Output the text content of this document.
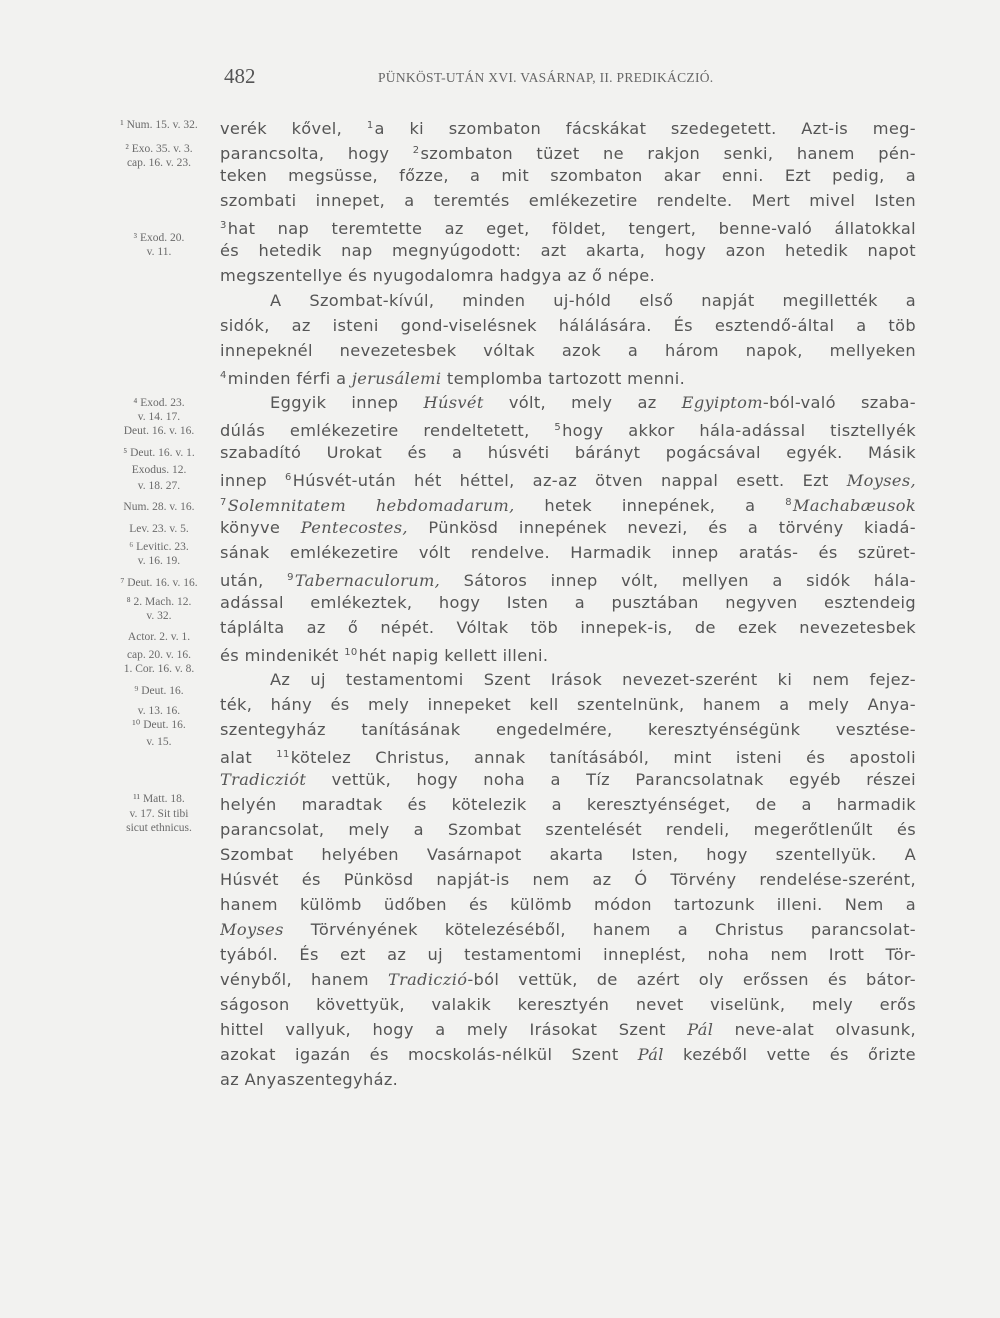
482	PÜNKÖST-UTÁN XVI. VASÁRNAP, II. PREDIKÁCZIÓ.
¹ Num. 15. v. 32.
² Exo. 35. v. 3.
cap. 16. v. 23.
³ Exod. 20.
v. 11.
⁴ Exod. 23.
v. 14. 17.
Deut. 16. v. 16.
⁵ Deut. 16. v. 1.
Exodus. 12.
v. 18. 27.
Num. 28. v. 16.
Lev. 23. v. 5.
⁶ Levitic. 23.
v. 16. 19.
⁷ Deut. 16. v. 16.
⁸ 2. Mach. 12.
v. 32.
Actor. 2. v. 1.
cap. 20. v. 16.
1. Cor. 16. v. 8.
⁹ Deut. 16.
v. 13. 16.
¹⁰ Deut. 16.
v. 15.
¹¹ Matt. 18.
v. 17. Sit tibi
sicut ethnicus.
verék kővel, $^1$a ki szombaton fácskákat szedegetett. Azt-is meg-
parancsolta, hogy $^2$szombaton tüzet ne rakjon senki, hanem pén-
teken megsüsse, főzze, a mit szombaton akar enni. Ezt pedig, a
szombati innepet, a teremtés emlékezetire rendelte. Mert mivel Isten
$^3$hat nap teremtette az eget, földet, tengert, benne-való állatokkal
és hetedik nap megnyúgodott: azt akarta, hogy azon hetedik napot
megszentellye és nyugodalomra hadgya az ő népe.
A Szombat-kívúl, minden uj-hóld első napját megillették a
sidók, az isteni gond-viselésnek hálálására. És esztendő-által a töb
innepeknél nevezetesbek vóltak azok a három napok, mellyeken
$^4$minden férfi a jerusálemi templomba tartozott menni.
Eggyik innep Húsvét vólt, mely az Egyiptom-ból-való szaba-
dúlás emlékezetire rendeltetett, $^5$hogy akkor hála-adással tisztellyék
szabadító Urokat és a húsvéti bárányt pogácsával egyék. Másik
innep $^6$Húsvét-után hét héttel, az-az ötven nappal esett. Ezt Moyses,
$^7$Solemnitatem hebdomadarum, hetek innepének, a $^8$Machabæusok
könyve Pentecostes, Pünkösd innepének nevezi, és a törvény kiadá-
sának emlékezetire vólt rendelve. Harmadik innep aratás- és szüret-
után, $^9$Tabernaculorum, Sátoros innep vólt, mellyen a sidók hála-
adással emlékeztek, hogy Isten a pusztában negyven esztendeig
táplálta az ő népét. Vóltak töb innepek-is, de ezek nevezetesbek
és mindenikét $^{10}$hét napig kellett illeni.
Az uj testamentomi Szent Irások nevezet-szerént ki nem fejez-
ték, hány és mely innepeket kell szentelnünk, hanem a mely Anya-
szentegyház tanításának engedelmére, keresztyénségünk vesztése-
alat $^{11}$kötelez Christus, annak tanításából, mint isteni és apostoli
Tradicziót vettük, hogy noha a Tíz Parancsolatnak egyéb részei
helyén maradtak és kötelezik a keresztyénséget, de a harmadik
parancsolat, mely a Szombat szentelését rendeli, megerőtlenűlt és
Szombat helyében Vasárnapot akarta Isten, hogy szentellyük. A
Húsvét és Pünkösd napját-is nem az Ó Törvény rendelése-szerént,
hanem külömb üdőben és külömb módon tartozunk illeni. Nem a
Moyses Törvényének kötelezéséből, hanem a Christus parancsolat-
tyából. És ezt az uj testamentomi inneplést, noha nem Irott Tör-
vényből, hanem Tradiczió-ból vettük, de azért oly erőssen és bátor-
ságoson követtyük, valakik keresztyén nevet viselünk, mely erős
hittel vallyuk, hogy a mely Irásokat Szent Pál neve-alat olvasunk,
azokat igazán és mocskolás-nélkül Szent Pál kezéből vette és őrizte
az Anyaszentegyház.
